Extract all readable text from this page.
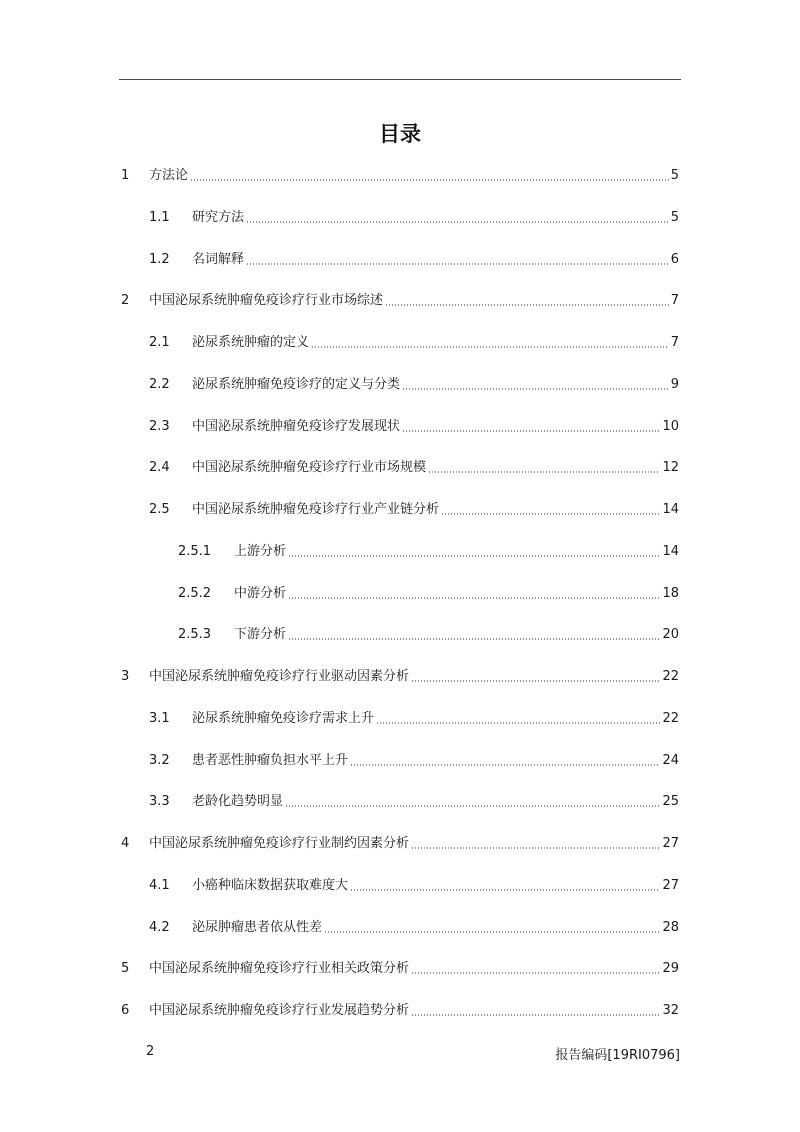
目录
1	方法论	5
1.1	研究方法	5
1.2	名词解释	6
2	中国泌尿系统肿瘤免疫诊疗行业市场综述	7
2.1	泌尿系统肿瘤的定义	7
2.2	泌尿系统肿瘤免疫诊疗的定义与分类	9
2.3	中国泌尿系统肿瘤免疫诊疗发展现状	10
2.4	中国泌尿系统肿瘤免疫诊疗行业市场规模	12
2.5	中国泌尿系统肿瘤免疫诊疗行业产业链分析	14
2.5.1	上游分析	14
2.5.2	中游分析	18
2.5.3	下游分析	20
3	中国泌尿系统肿瘤免疫诊疗行业驱动因素分析	22
3.1	泌尿系统肿瘤免疫诊疗需求上升	22
3.2	患者恶性肿瘤负担水平上升	24
3.3	老龄化趋势明显	25
4	中国泌尿系统肿瘤免疫诊疗行业制约因素分析	27
4.1	小癌种临床数据获取难度大	27
4.2	泌尿肿瘤患者依从性差	28
5	中国泌尿系统肿瘤免疫诊疗行业相关政策分析	29
6	中国泌尿系统肿瘤免疫诊疗行业发展趋势分析	32
2	报告编码[19RI0796]
